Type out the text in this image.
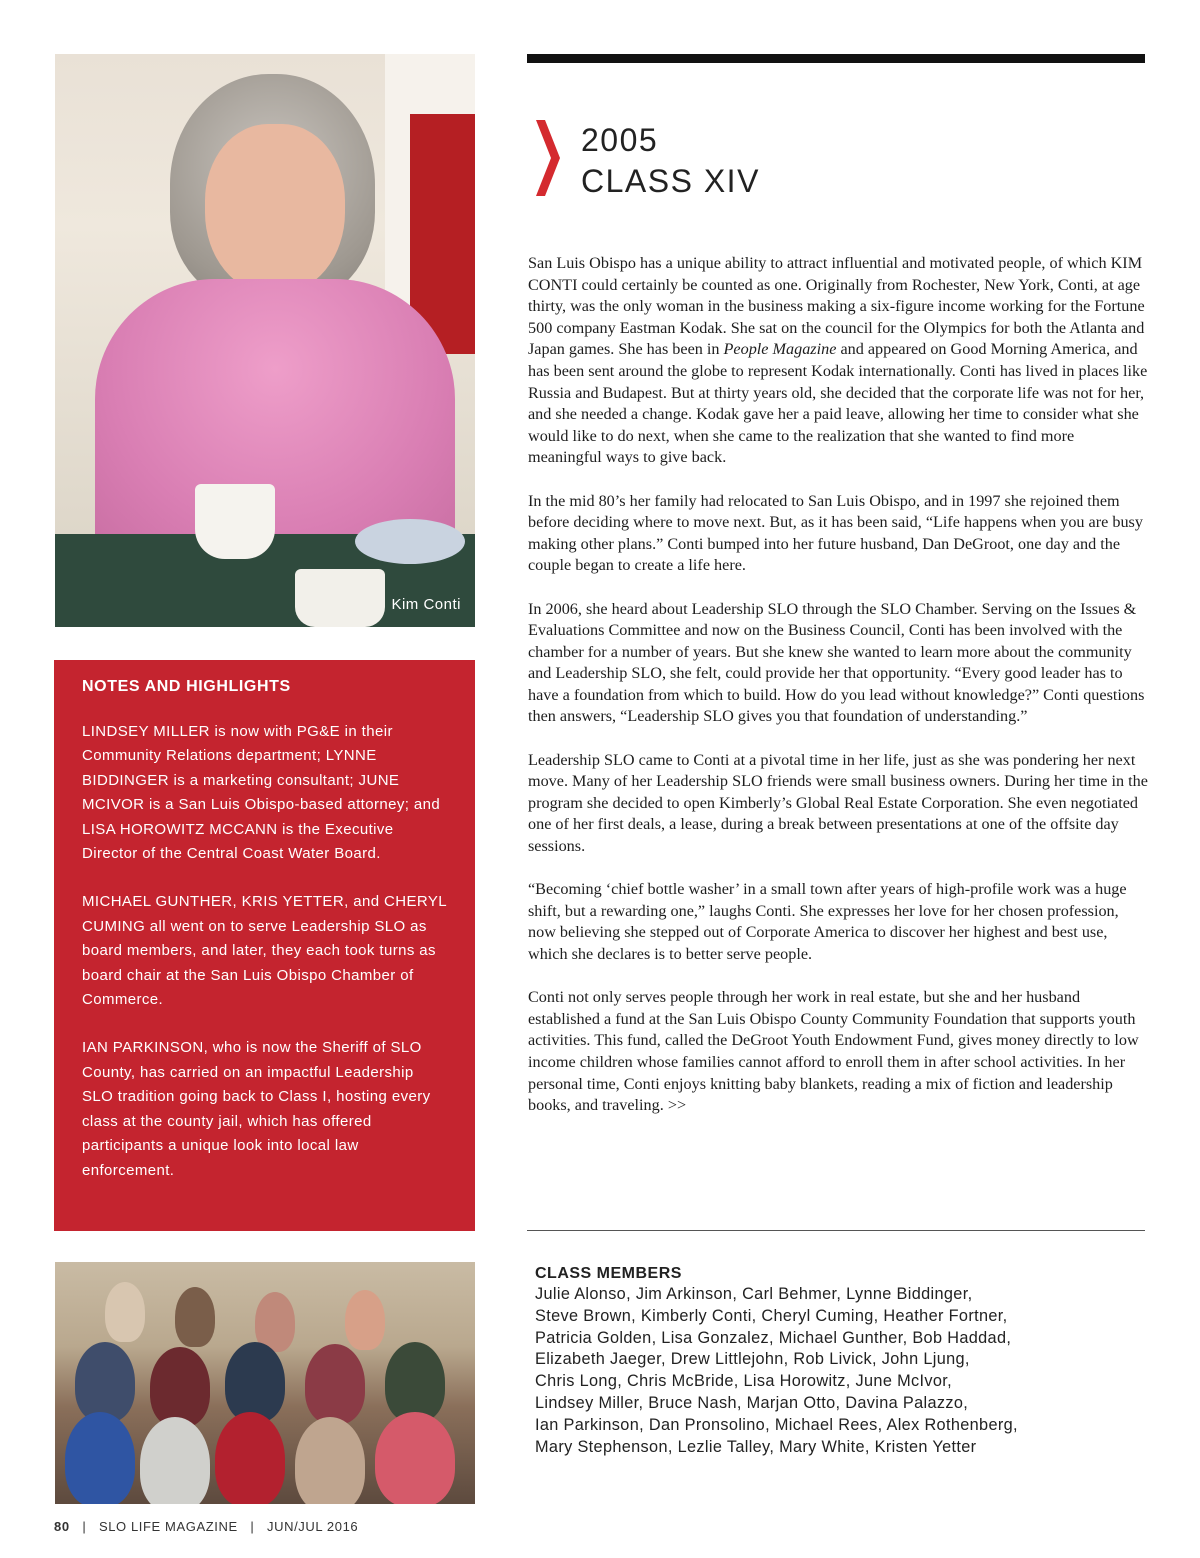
Kim Conti
2005
CLASS XIV

San Luis Obispo has a unique ability to attract influential and motivated people, of which KIM CONTI could certainly be counted as one. Originally from Rochester, New York, Conti, at age thirty, was the only woman in the business making a six-figure income working for the Fortune 500 company Eastman Kodak. She sat on the council for the Olympics for both the Atlanta and Japan games. She has been in People Magazine and appeared on Good Morning America, and has been sent around the globe to represent Kodak internationally. Conti has lived in places like Russia and Budapest. But at thirty years old, she decided that the corporate life was not for her, and she needed a change. Kodak gave her a paid leave, allowing her time to consider what she would like to do next, when she came to the realization that she wanted to find more meaningful ways to give back.

In the mid 80’s her family had relocated to San Luis Obispo, and in 1997 she rejoined them before deciding where to move next. But, as it has been said, “Life happens when you are busy making other plans.” Conti bumped into her future husband, Dan DeGroot, one day and the couple began to create a life here.

In 2006, she heard about Leadership SLO through the SLO Chamber. Serving on the Issues & Evaluations Committee and now on the Business Council, Conti has been involved with the chamber for a number of years. But she knew she wanted to learn more about the community and Leadership SLO, she felt, could provide her that opportunity. “Every good leader has to have a foundation from which to build. How do you lead without knowledge?” Conti questions then answers, “Leadership SLO gives you that foundation of understanding.”

Leadership SLO came to Conti at a pivotal time in her life, just as she was pondering her next move. Many of her Leadership SLO friends were small business owners. During her time in the program she decided to open Kimberly’s Global Real Estate Corporation. She even negotiated one of her first deals, a lease, during a break between presentations at one of the offsite day sessions.

“Becoming ‘chief bottle washer’ in a small town after years of high-profile work was a huge shift, but a rewarding one,” laughs Conti. She expresses her love for her chosen profession, now believing she stepped out of Corporate America to discover her highest and best use, which she declares is to better serve people.

Conti not only serves people through her work in real estate, but she and her husband established a fund at the San Luis Obispo County Community Foundation that supports youth activities. This fund, called the DeGroot Youth Endowment Fund, gives money directly to low income children whose families cannot afford to enroll them in after school activities. In her personal time, Conti enjoys knitting baby blankets, reading a mix of fiction and leadership books, and traveling. >>

NOTES AND HIGHLIGHTS

LINDSEY MILLER is now with PG&E in their Community Relations department; LYNNE BIDDINGER is a marketing consultant; JUNE MCIVOR is a San Luis Obispo-based attorney; and LISA HOROWITZ MCCANN is the Executive Director of the Central Coast Water Board.

MICHAEL GUNTHER, KRIS YETTER, and CHERYL CUMING all went on to serve Leadership SLO as board members, and later, they each took turns as board chair at the San Luis Obispo Chamber of Commerce.

IAN PARKINSON, who is now the Sheriff of SLO County, has carried on an impactful Leadership SLO tradition going back to Class I, hosting every class at the county jail, which has offered participants a unique look into local law enforcement.

CLASS MEMBERS
Julie Alonso, Jim Arkinson, Carl Behmer, Lynne Biddinger,
Steve Brown, Kimberly Conti, Cheryl Cuming, Heather Fortner,
Patricia Golden, Lisa Gonzalez, Michael Gunther, Bob Haddad,
Elizabeth Jaeger, Drew Littlejohn, Rob Livick, John Ljung,
Chris Long, Chris McBride, Lisa Horowitz, June McIvor,
Lindsey Miller, Bruce Nash, Marjan Otto, Davina Palazzo,
Ian Parkinson, Dan Pronsolino, Michael Rees, Alex Rothenberg,
Mary Stephenson, Lezlie Talley, Mary White, Kristen Yetter
80 | SLO LIFE MAGAZINE | JUN/JUL 2016
